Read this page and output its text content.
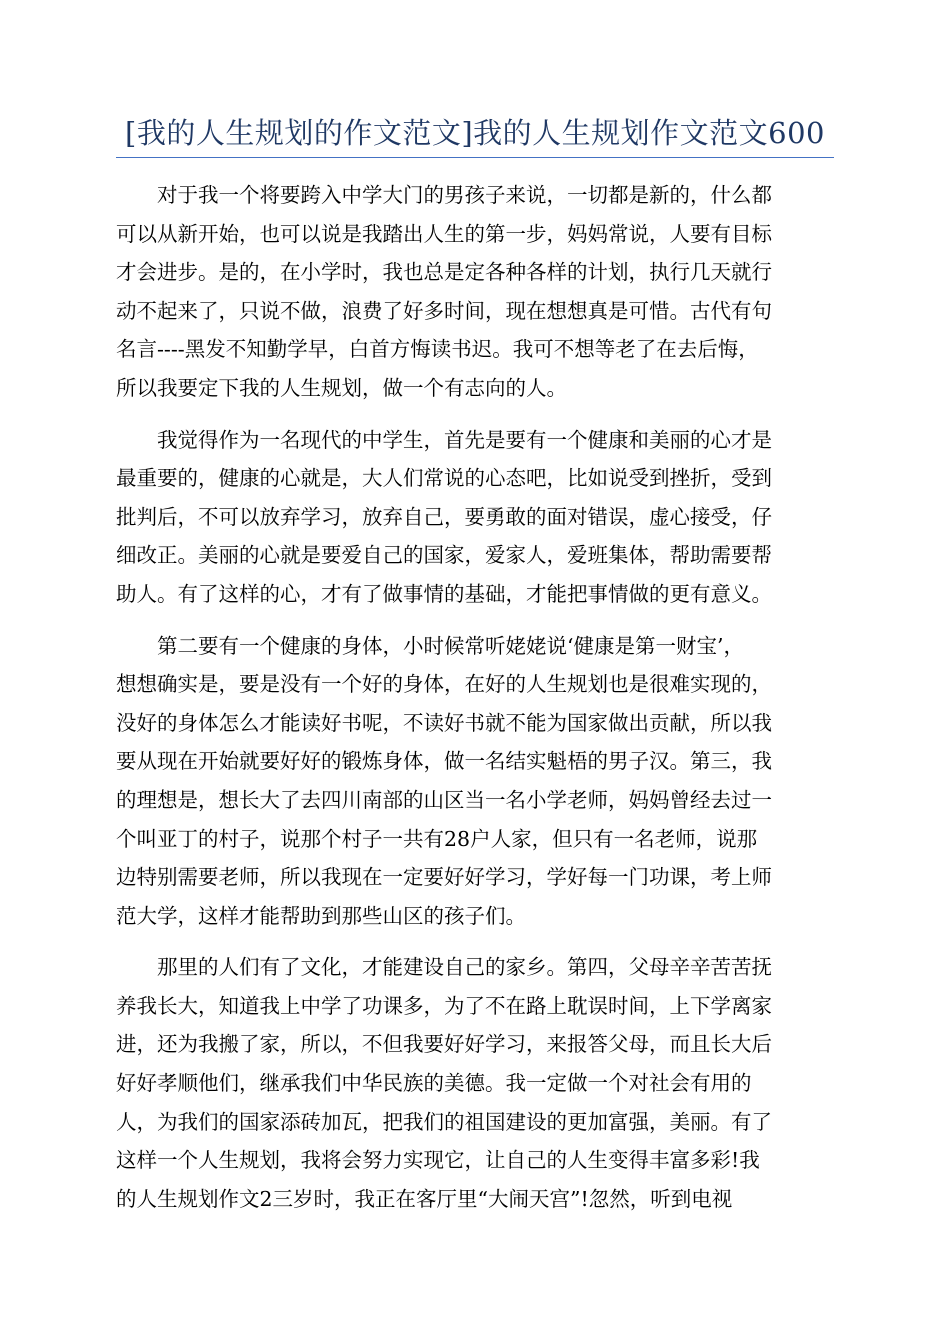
[我的人生规划的作文范文]我的人生规划作文范文600
对于我一个将要跨入中学大门的男孩子来说，一切都是新的，什么都
可以从新开始，也可以说是我踏出人生的第一步，妈妈常说，人要有目标
才会进步。是的，在小学时，我也总是定各种各样的计划，执行几天就行
动不起来了，只说不做，浪费了好多时间，现在想想真是可惜。古代有句
名言----黑发不知勤学早，白首方悔读书迟。我可不想等老了在去后悔，
所以我要定下我的人生规划，做一个有志向的人。
我觉得作为一名现代的中学生，首先是要有一个健康和美丽的心才是
最重要的，健康的心就是，大人们常说的心态吧，比如说受到挫折，受到
批判后，不可以放弃学习，放弃自己，要勇敢的面对错误，虚心接受，仔
细改正。美丽的心就是要爱自己的国家，爱家人，爱班集体，帮助需要帮
助人。有了这样的心，才有了做事情的基础，才能把事情做的更有意义。
第二要有一个健康的身体，小时候常听姥姥说‘健康是第一财宝’，
想想确实是，要是没有一个好的身体，在好的人生规划也是很难实现的，
没好的身体怎么才能读好书呢，不读好书就不能为国家做出贡献，所以我
要从现在开始就要好好的锻炼身体，做一名结实魁梧的男子汉。第三，我
的理想是，想长大了去四川南部的山区当一名小学老师，妈妈曾经去过一
个叫亚丁的村子，说那个村子一共有28户人家，但只有一名老师，说那
边特别需要老师，所以我现在一定要好好学习，学好每一门功课，考上师
范大学，这样才能帮助到那些山区的孩子们。
那里的人们有了文化，才能建设自己的家乡。第四，父母辛辛苦苦抚
养我长大，知道我上中学了功课多，为了不在路上耽误时间，上下学离家
进，还为我搬了家，所以，不但我要好好学习，来报答父母，而且长大后
好好孝顺他们，继承我们中华民族的美德。我一定做一个对社会有用的
人，为我们的国家添砖加瓦，把我们的祖国建设的更加富强，美丽。有了
这样一个人生规划，我将会努力实现它，让自己的人生变得丰富多彩!我
的人生规划作文2三岁时，我正在客厅里“大闹天宫”!忽然，听到电视
